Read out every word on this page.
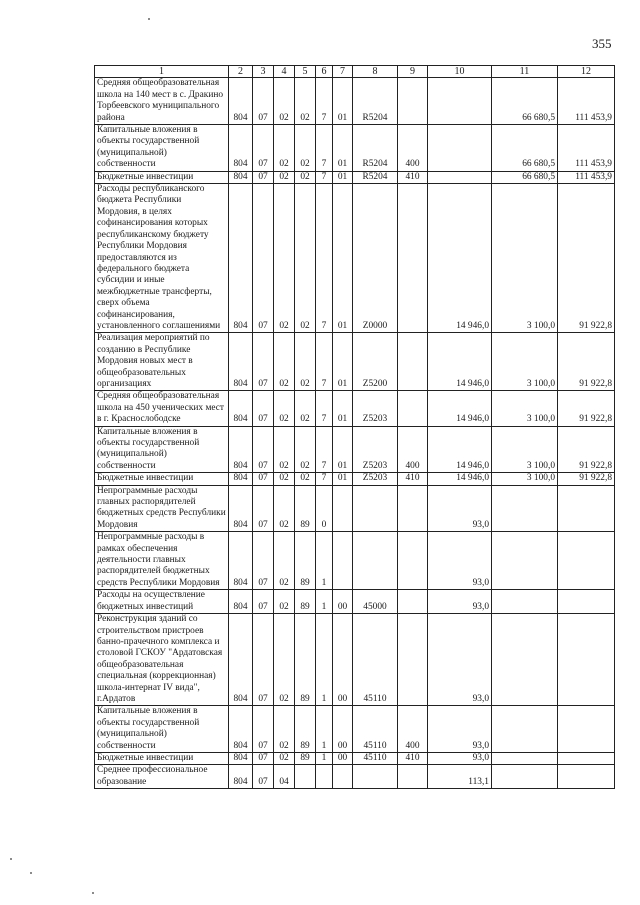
355
1	2	3	4	5	6	7	8	9	10	11	12
Средняя общеобразовательная школа на 140 мест в с. Дракино Торбеевского муниципального района	804	07	02	02	7	01	R5204			66 680,5	111 453,9
Капитальные вложения в объекты государственной (муниципальной) собственности	804	07	02	02	7	01	R5204	400		66 680,5	111 453,9
Бюджетные инвестиции	804	07	02	02	7	01	R5204	410		66 680,5	111 453,9
Расходы республиканского бюджета Республики Мордовия, в целях софинансирования которых республиканскому бюджету Республики Мордовия предоставляются из федерального бюджета субсидии и иные межбюджетные трансферты, сверх объема софинансирования, установленного соглашениями	804	07	02	02	7	01	Z0000		14 946,0	3 100,0	91 922,8
Реализация мероприятий по созданию в Республике Мордовия новых мест в общеобразовательных организациях	804	07	02	02	7	01	Z5200		14 946,0	3 100,0	91 922,8
Средняя общеобразовательная школа на 450 ученических мест в г. Краснослободске	804	07	02	02	7	01	Z5203		14 946,0	3 100,0	91 922,8
Капитальные вложения в объекты государственной (муниципальной) собственности	804	07	02	02	7	01	Z5203	400	14 946,0	3 100,0	91 922,8
Бюджетные инвестиции	804	07	02	02	7	01	Z5203	410	14 946,0	3 100,0	91 922,8
Непрограммные расходы главных распорядителей бюджетных средств Республики Мордовия	804	07	02	89	0				93,0		
Непрограммные расходы в рамках обеспечения деятельности главных распорядителей бюджетных средств Республики Мордовия	804	07	02	89	1				93,0		
Расходы на осуществление бюджетных инвестиций	804	07	02	89	1	00	45000		93,0		
Реконструкция зданий со строительством пристроев банно-прачечного комплекса и столовой ГСКОУ "Ардатовская общеобразовательная специальная (коррекционная) школа-интернат IV вида", г.Ардатов	804	07	02	89	1	00	45110		93,0		
Капитальные вложения в объекты государственной (муниципальной) собственности	804	07	02	89	1	00	45110	400	93,0		
Бюджетные инвестиции	804	07	02	89	1	00	45110	410	93,0		
Среднее профессиональное образование	804	07	04						113,1		
